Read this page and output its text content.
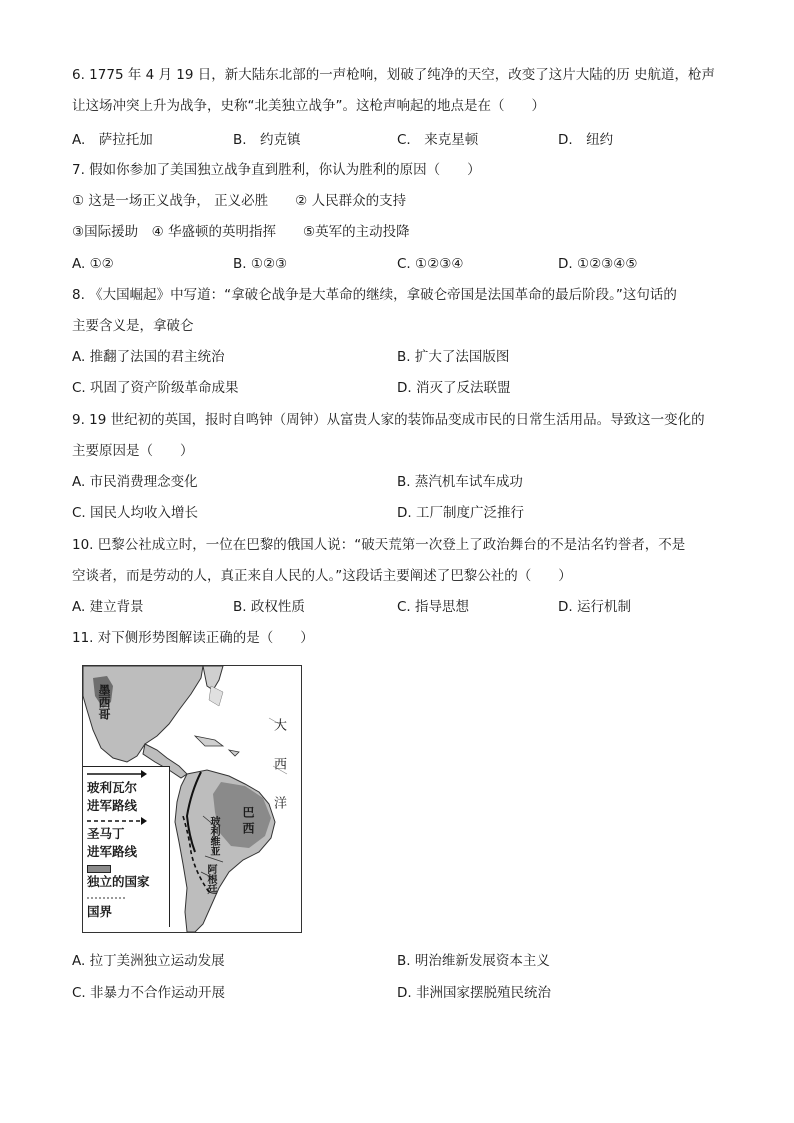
6. 1775 年 4 月 19 日，新大陆东北部的一声枪响，划破了纯净的天空，改变了这片大陆的历 史航道，枪声
让这场冲突上升为战争，史称“北美独立战争”。这枪声响起的地点是在（　　）
A.　萨拉托加	B.　约克镇	C.　来克星顿	D.　纽约
7. 假如你参加了美国独立战争直到胜利，你认为胜利的原因（　　）
① 这是一场正义战争， 正义必胜　　② 人民群众的支持
③国际援助　④ 华盛顿的英明指挥　　⑤英军的主动投降
A. ①②	B. ①②③	C. ①②③④	D. ①②③④⑤
8. 《大国崛起》中写道：“拿破仑战争是大革命的继续，拿破仑帝国是法国革命的最后阶段。”这句话的
主要含义是，拿破仑
A. 推翻了法国的君主统治	B. 扩大了法国版图
C. 巩固了资产阶级革命成果	D. 消灭了反法联盟
9. 19 世纪初的英国，报时自鸣钟（周钟）从富贵人家的装饰品变成市民的日常生活用品。导致这一变化的
主要原因是（　　）
A. 市民消费理念变化	B. 蒸汽机车试车成功
C. 国民人均收入增长	D. 工厂制度广泛推行
10. 巴黎公社成立时，一位在巴黎的俄国人说：“破天荒第一次登上了政治舞台的不是沽名钓誉者，不是
空谈者，而是劳动的人，真正来自人民的人。”这段话主要阐述了巴黎公社的（　　）
A. 建立背景	B. 政权性质	C. 指导思想	D. 运行机制
11. 对下侧形势图解读正确的是（　　）
墨西哥
大西洋
巴西
玻利维亚
阿根廷
玻利瓦尔
进军路线
圣马丁
进军路线
独立的国家
国界
A. 拉丁美洲独立运动发展	B. 明治维新发展资本主义
C. 非暴力不合作运动开展	D. 非洲国家摆脱殖民统治
